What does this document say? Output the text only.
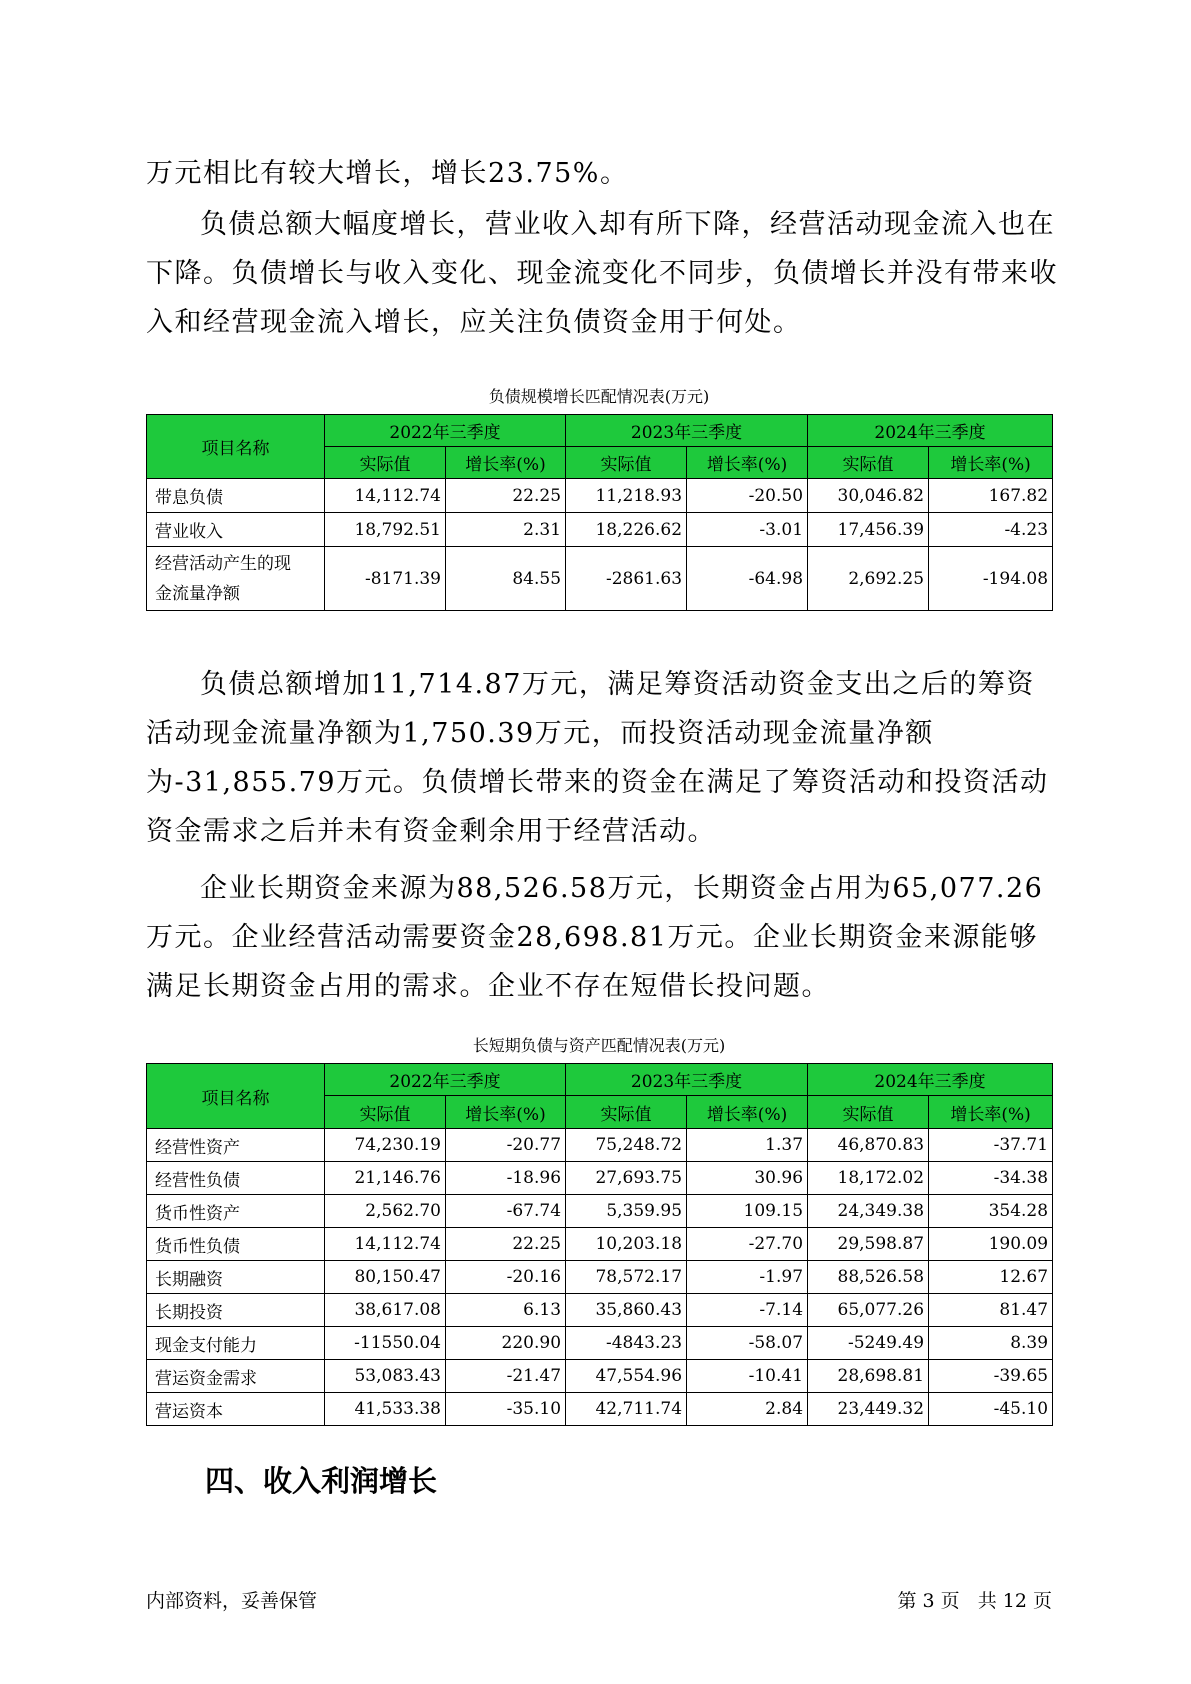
万元相比有较大增长，增长23.75%。

负债总额大幅度增长，营业收入却有所下降，经营活动现金流入也在下降。负债增长与收入变化、现金流变化不同步，负债增长并没有带来收入和经营现金流入增长，应关注负债资金用于何处。

负债规模增长匹配情况表(万元)
项目名称	2022年三季度		2023年三季度		2024年三季度	
	实际值	增长率(%)	实际值	增长率(%)	实际值	增长率(%)
带息负债	14,112.74	22.25	11,218.93	-20.50	30,046.82	167.82
营业收入	18,792.51	2.31	18,226.62	-3.01	17,456.39	-4.23

经营活动产生的现
金流量净额	-8171.39	84.55	-2861.63	-64.98	2,692.25	-194.08

负债总额增加11,714.87万元，满足筹资活动资金支出之后的筹资活动现金流量净额为1,750.39万元，而投资活动现金流量净额为-31,855.79万元。负债增长带来的资金在满足了筹资活动和投资活动资金需求之后并未有资金剩余用于经营活动。

企业长期资金来源为88,526.58万元，长期资金占用为65,077.26万元。企业经营活动需要资金28,698.81万元。企业长期资金来源能够满足长期资金占用的需求。企业不存在短借长投问题。

长短期负债与资产匹配情况表(万元)
项目名称	2022年三季度		2023年三季度		2024年三季度	
	实际值	增长率(%)	实际值	增长率(%)	实际值	增长率(%)
经营性资产	74,230.19	-20.77	75,248.72	1.37	46,870.83	-37.71
经营性负债	21,146.76	-18.96	27,693.75	30.96	18,172.02	-34.38
货币性资产	2,562.70	-67.74	5,359.95	109.15	24,349.38	354.28
货币性负债	14,112.74	22.25	10,203.18	-27.70	29,598.87	190.09
长期融资	80,150.47	-20.16	78,572.17	-1.97	88,526.58	12.67
长期投资	38,617.08	6.13	35,860.43	-7.14	65,077.26	81.47
现金支付能力	-11550.04	220.90	-4843.23	-58.07	-5249.49	8.39
营运资金需求	53,083.43	-21.47	47,554.96	-10.41	28,698.81	-39.65
营运资本	41,533.38	-35.10	42,711.74	2.84	23,449.32	-45.10
四、收入利润增长
内部资料，妥善保管	第 3 页   共 12 页
